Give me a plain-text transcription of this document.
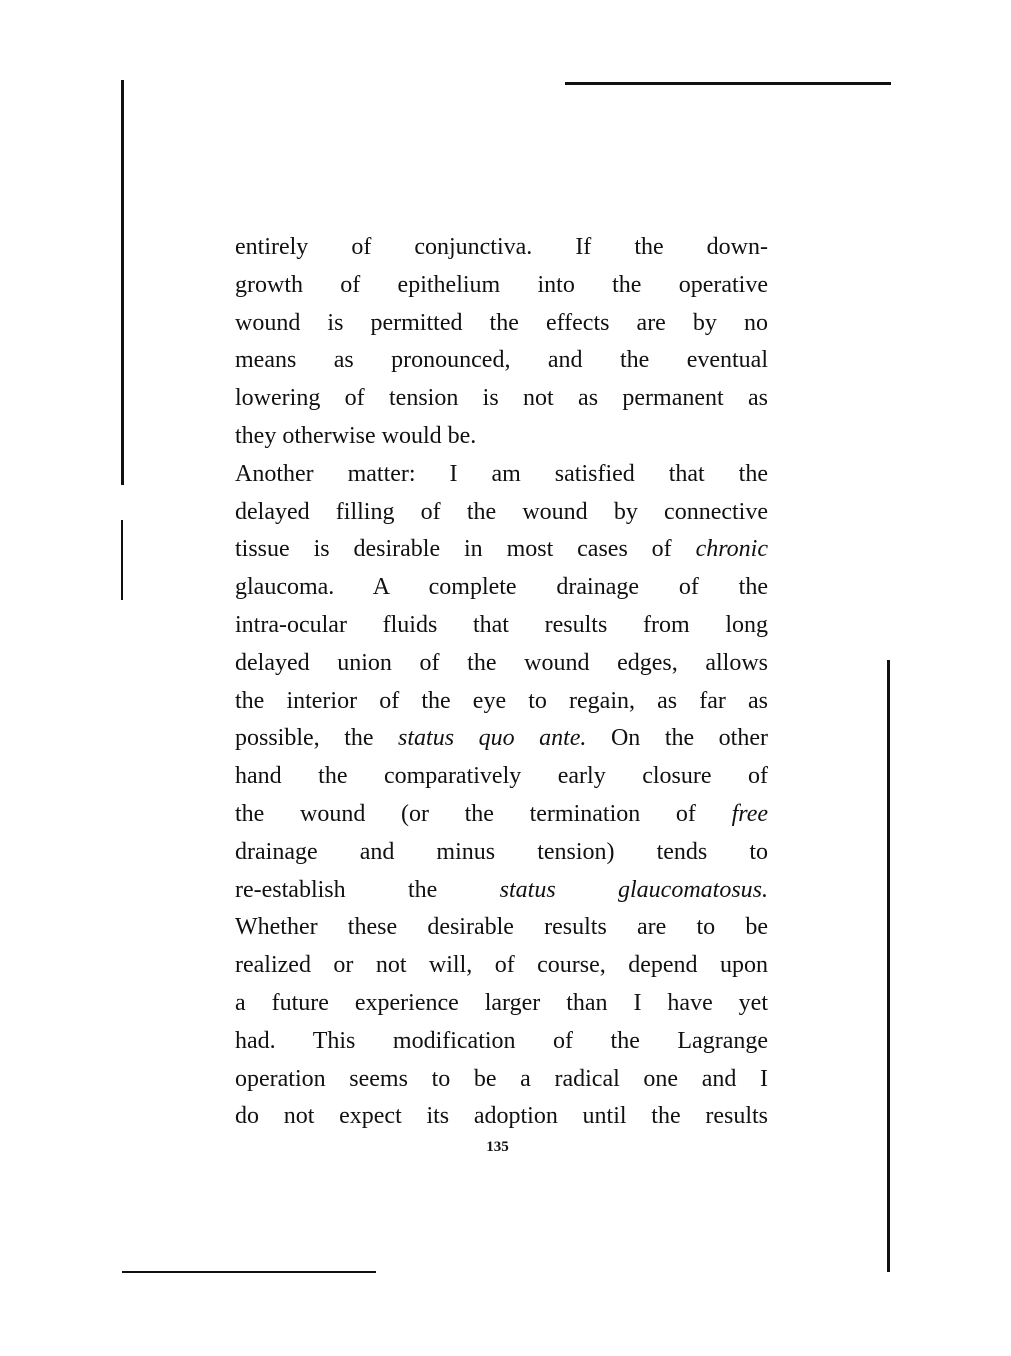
entirely of conjunctiva. If the down-
growth of epithelium into the operative
wound is permitted the effects are by no
means as pronounced, and the eventual
lowering of tension is not as permanent as
they otherwise would be.
Another matter: I am satisfied that the
delayed filling of the wound by connective
tissue is desirable in most cases of chronic
glaucoma. A complete drainage of the
intra-ocular fluids that results from long
delayed union of the wound edges, allows
the interior of the eye to regain, as far as
possible, the status quo ante. On the other
hand the comparatively early closure of
the wound (or the termination of free
drainage and minus tension) tends to
re-establish the status glaucomatosus.
Whether these desirable results are to be
realized or not will, of course, depend upon
a future experience larger than I have yet
had. This modification of the Lagrange
operation seems to be a radical one and I
do not expect its adoption until the results
135
